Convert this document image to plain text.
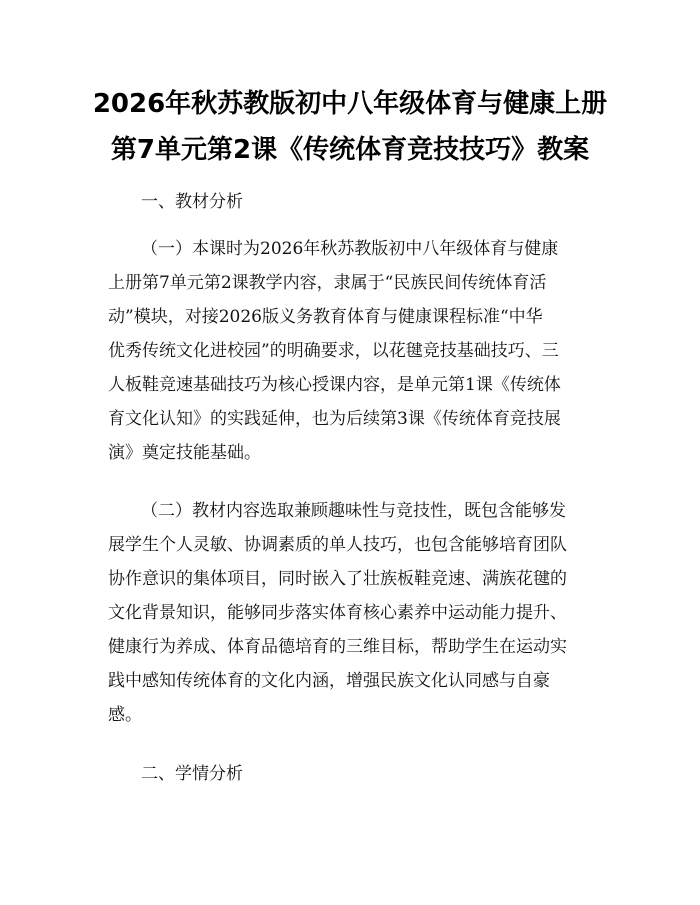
2026年秋苏教版初中八年级体育与健康上册
第7单元第2课《传统体育竞技技巧》教案
一、教材分析
（一）本课时为2026年秋苏教版初中八年级体育与健康
上册第7单元第2课教学内容，隶属于“民族民间传统体育活
动”模块，对接2026版义务教育体育与健康课程标准“中华
优秀传统文化进校园”的明确要求，以花毽竞技基础技巧、三
人板鞋竞速基础技巧为核心授课内容，是单元第1课《传统体
育文化认知》的实践延伸，也为后续第3课《传统体育竞技展
演》奠定技能基础。
（二）教材内容选取兼顾趣味性与竞技性，既包含能够发
展学生个人灵敏、协调素质的单人技巧，也包含能够培育团队
协作意识的集体项目，同时嵌入了壮族板鞋竞速、满族花毽的
文化背景知识，能够同步落实体育核心素养中运动能力提升、
健康行为养成、体育品德培育的三维目标，帮助学生在运动实
践中感知传统体育的文化内涵，增强民族文化认同感与自豪
感。
二、学情分析
